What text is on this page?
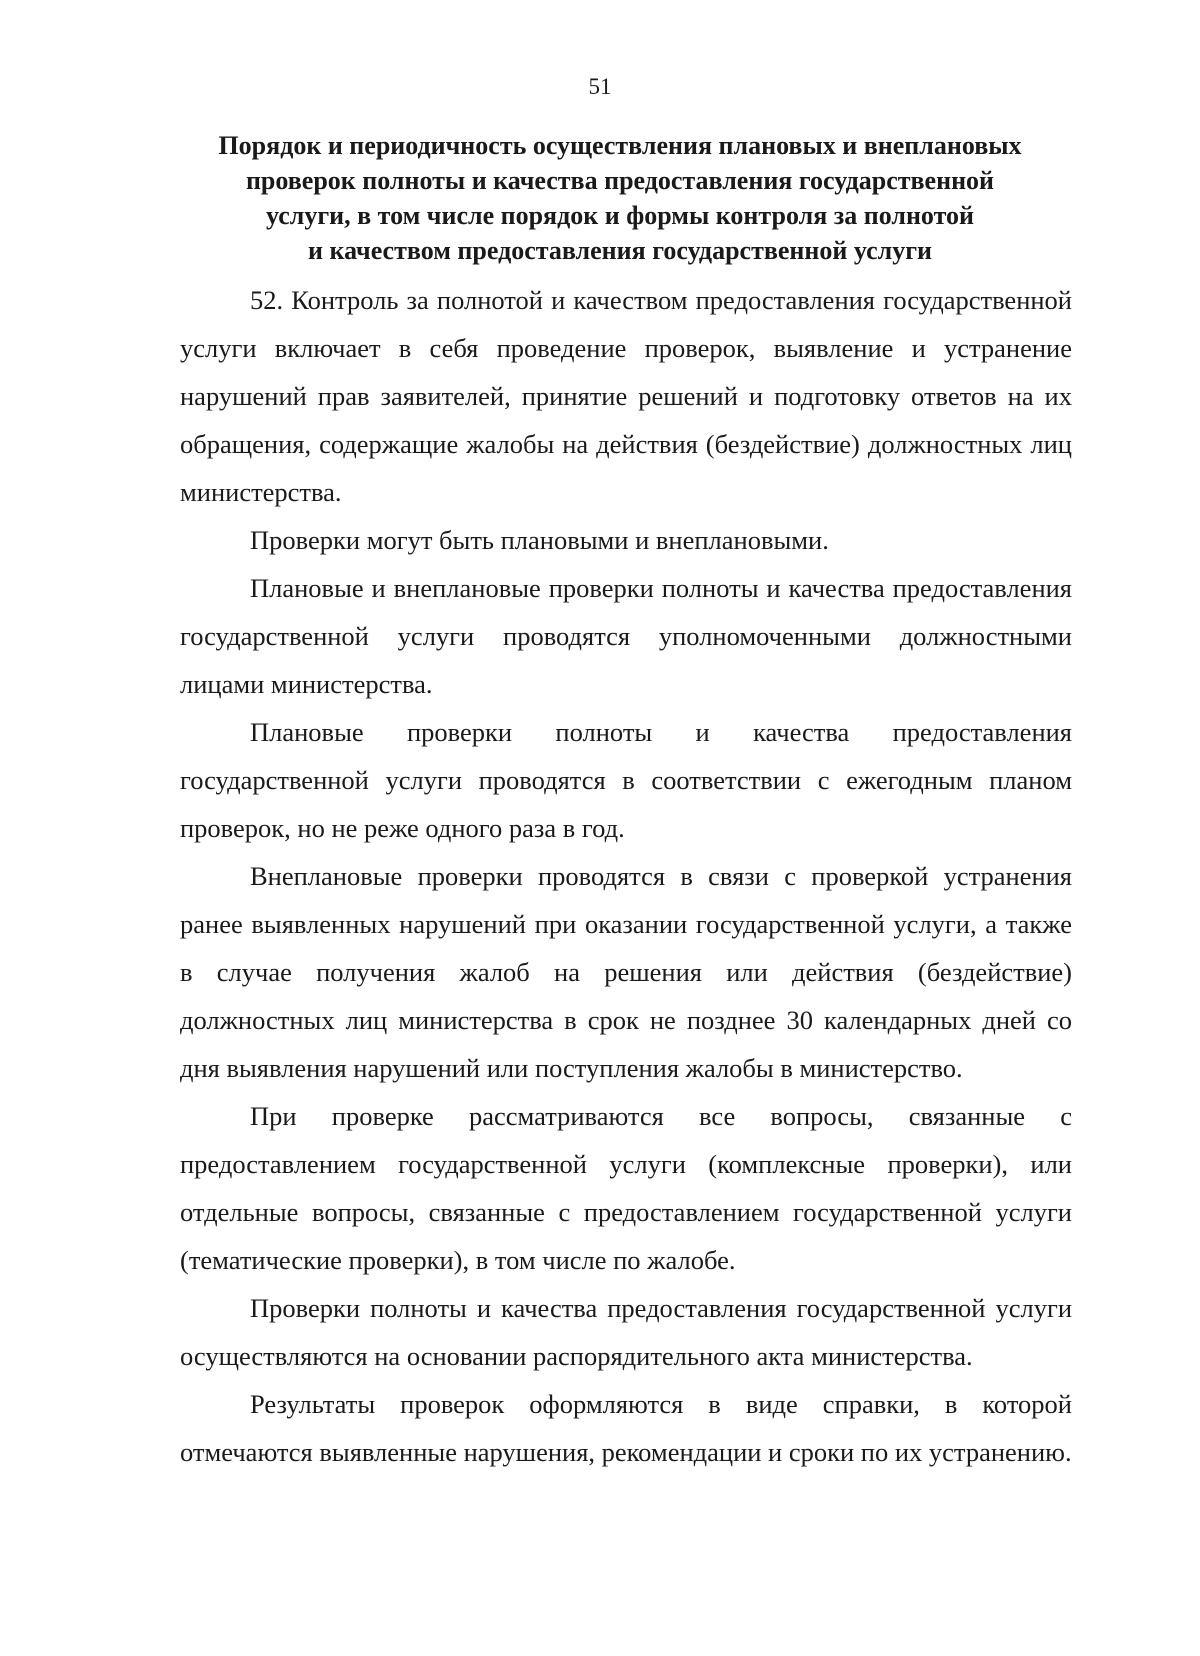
51
Порядок и периодичность осуществления плановых и внеплановых
проверок полноты и качества предоставления государственной
услуги, в том числе порядок и формы контроля за полнотой
и качеством предоставления государственной услуги

52. Контроль за полнотой и качеством предоставления государственной услуги включает в себя проведение проверок, выявление и устранение нарушений прав заявителей, принятие решений и подготовку ответов на их обращения, содержащие жалобы на действия (бездействие) должностных лиц министерства.

Проверки могут быть плановыми и внеплановыми.

Плановые и внеплановые проверки полноты и качества предоставления государственной услуги проводятся уполномоченными должностными лицами министерства.

Плановые проверки полноты и качества предоставления государственной услуги проводятся в соответствии с ежегодным планом проверок, но не реже одного раза в год.

Внеплановые проверки проводятся в связи с проверкой устранения ранее выявленных нарушений при оказании государственной услуги, а также в случае получения жалоб на решения или действия (бездействие) должностных лиц министерства в срок не позднее 30 календарных дней со дня выявления нарушений или поступления жалобы в министерство.

При проверке рассматриваются все вопросы, связанные с предоставлением государственной услуги (комплексные проверки), или отдельные вопросы, связанные с предоставлением государственной услуги (тематические проверки), в том числе по жалобе.

Проверки полноты и качества предоставления государственной услуги осуществляются на основании распорядительного акта министерства.

Результаты проверок оформляются в виде справки, в которой отмечаются выявленные нарушения, рекомендации и сроки по их устранению.
